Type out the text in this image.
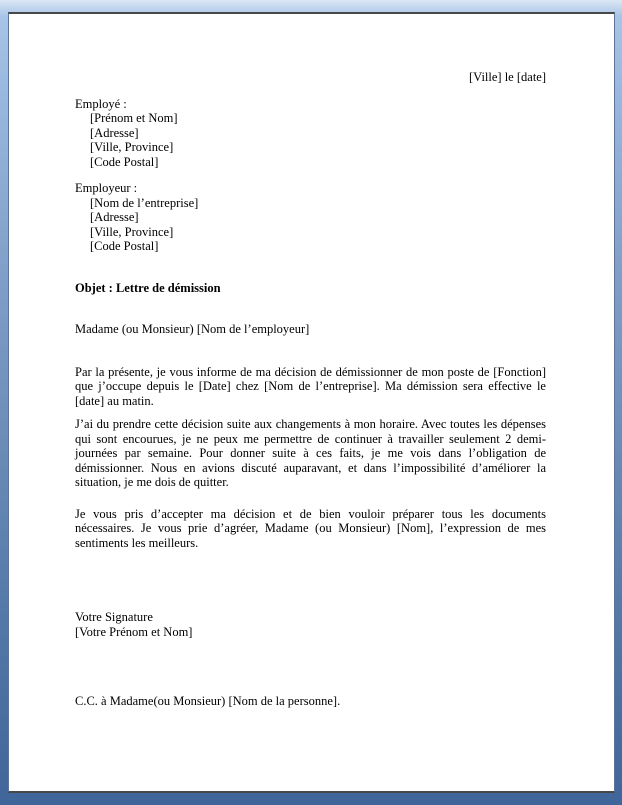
[Ville] le [date]
Employé :
[Prénom et Nom]
[Adresse]
[Ville, Province]
[Code Postal]
Employeur :
[Nom de l’entreprise]
[Adresse]
[Ville, Province]
[Code Postal]
Objet : Lettre de démission
Madame (ou Monsieur) [Nom de l’employeur]
Par la présente, je vous informe de ma décision de démissionner de mon poste de [Fonction] que j’occupe depuis le [Date] chez [Nom de l’entreprise]. Ma démission sera effective le [date] au matin.
J’ai du prendre cette décision suite aux changements à mon horaire. Avec toutes les dépenses qui sont encourues, je ne peux me permettre de continuer à travailler seulement 2 demi-journées par semaine. Pour donner suite à ces faits, je me vois dans l’obligation de démissionner. Nous en avions discuté auparavant, et dans l’impossibilité d’améliorer la situation, je me dois de quitter.
Je vous pris d’accepter ma décision et de bien vouloir préparer tous les documents nécessaires. Je vous prie d’agréer, Madame (ou Monsieur) [Nom], l’expression de mes sentiments les meilleurs.
Votre Signature
[Votre Prénom et Nom]
C.C. à Madame(ou Monsieur) [Nom de la personne].
